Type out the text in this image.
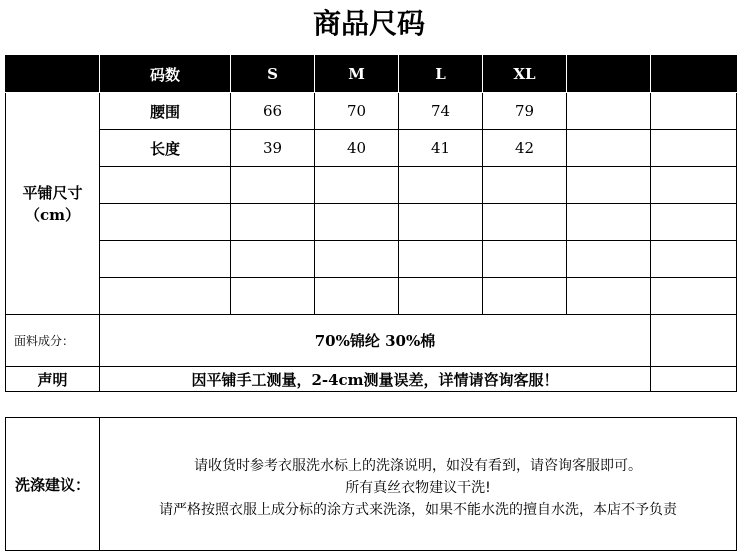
商品尺码
	码数	S	M	L	XL		
平铺尺寸
（cm）	腰围	66	70	74	79		
	长度	39	40	41	42		

面料成分：	70%锦纶 30%棉						
声明	因平铺手工测量，2-4cm测量误差，详情请咨询客服！						
洗涤建议：	
请收货时参考衣服洗水标上的洗涤说明，如没有看到，请咨询客服即可。
所有真丝衣物建议干洗!
请严格按照衣服上成分标的涂方式来洗涤，如果不能水洗的擅自水洗，本店不予负责
